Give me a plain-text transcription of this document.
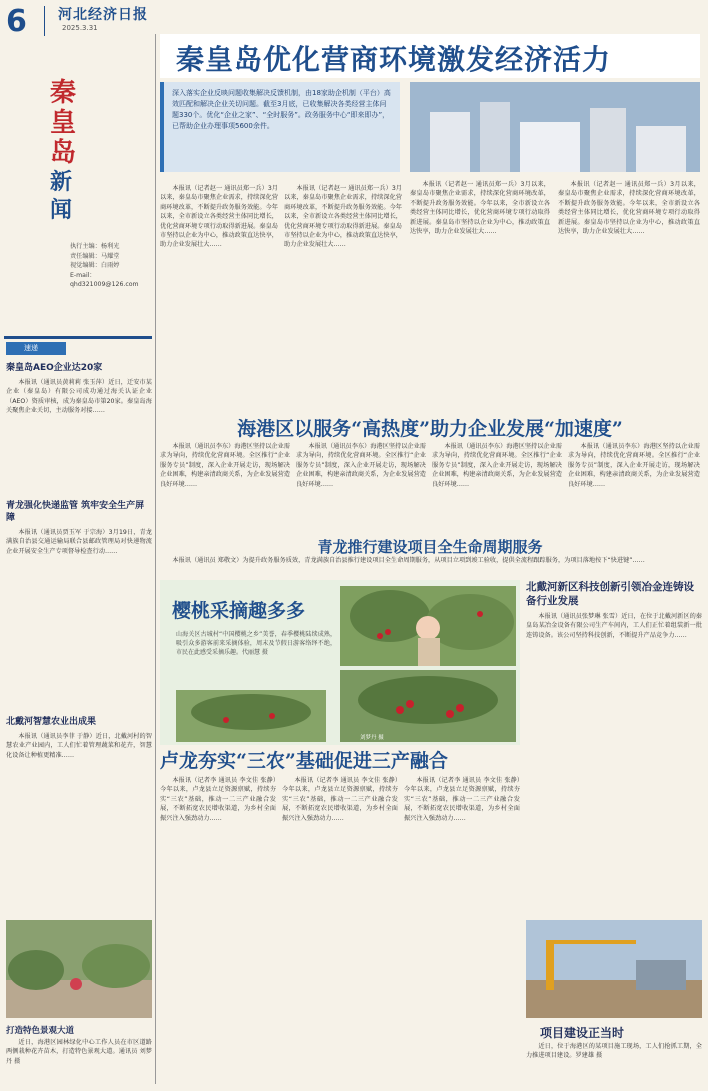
6	河北经济日报
2025.3.31
秦皇岛
新闻
执行主编：杨利光
责任编辑：马耀堂
视觉编辑：白雨婷
E-mail：qhd321009@126.com
速递
秦皇岛AEO企业达20家

本报讯（通讯员黄莉莉 张玉萍）近日，迁安市某企业（秦皇岛）有限公司成功通过海关认证企业（AEO）资质审核，成为秦皇岛市第20家。秦皇岛海关聚焦企业关切，主动服务对接……

青龙强化快递监管 筑牢安全生产屏障

本报讯（通讯员贾玉军 于宗海）3月19日，青龙满族自治县交通运输局联合县邮政管理局对快递物流企业开展安全生产专项督导检查行动……

北戴河智慧农业出成果

本报讯（通讯员李菲 于静）近日，北戴河村的智慧农业产业园内，工人们忙着管理蔬菜和花卉，智慧化设备让种植更精准……

打造特色景观大道

近日，海港区园林绿化中心工作人员在市区道路两侧栽种花卉苗木，打造特色景观大道。通讯员 刘梦丹 摄

秦皇岛优化营商环境激发经济活力
深入落实企业反映问题收集解决反馈机制，由18家助企机制（平台）高效匹配和解决企业关切问题。截至3月底，已收集解决各类经营主体问题330个。优化“企业之家”、“全时服务”。政务服务中心“即来即办”，已帮助企业办理事项5600余件。

本报讯（记者赵一 通讯员郑一兵）3月以来，秦皇岛市聚焦企业需求，持续深化营商环境改革，不断提升政务服务效能。今年以来，全市新设立各类经营主体同比增长，优化营商环境专项行动取得新进展。秦皇岛市坚持以企业为中心，推动政策直达快享，助力企业发展壮大……

本报讯（记者赵一 通讯员郑一兵）3月以来，秦皇岛市聚焦企业需求，持续深化营商环境改革，不断提升政务服务效能。今年以来，全市新设立各类经营主体同比增长，优化营商环境专项行动取得新进展。秦皇岛市坚持以企业为中心，推动政策直达快享，助力企业发展壮大……

本报讯（记者赵一 通讯员郑一兵）3月以来，秦皇岛市聚焦企业需求，持续深化营商环境改革，不断提升政务服务效能。今年以来，全市新设立各类经营主体同比增长，优化营商环境专项行动取得新进展。秦皇岛市坚持以企业为中心，推动政策直达快享，助力企业发展壮大……

本报讯（记者赵一 通讯员郑一兵）3月以来，秦皇岛市聚焦企业需求，持续深化营商环境改革，不断提升政务服务效能。今年以来，全市新设立各类经营主体同比增长，优化营商环境专项行动取得新进展。秦皇岛市坚持以企业为中心，推动政策直达快享，助力企业发展壮大……

海港区以服务“高热度”助力企业发展“加速度”

本报讯（通讯员李东）海港区坚持以企业需求为导向，持续优化营商环境。全区推行“企业服务专员”制度，深入企业开展走访，现场解决企业困难，构建亲清政商关系，为企业发展营造良好环境……

本报讯（通讯员李东）海港区坚持以企业需求为导向，持续优化营商环境。全区推行“企业服务专员”制度，深入企业开展走访，现场解决企业困难，构建亲清政商关系，为企业发展营造良好环境……

本报讯（通讯员李东）海港区坚持以企业需求为导向，持续优化营商环境。全区推行“企业服务专员”制度，深入企业开展走访，现场解决企业困难，构建亲清政商关系，为企业发展营造良好环境……

本报讯（通讯员李东）海港区坚持以企业需求为导向，持续优化营商环境。全区推行“企业服务专员”制度，深入企业开展走访，现场解决企业困难，构建亲清政商关系，为企业发展营造良好环境……

青龙推行建设项目全生命周期服务

本报讯（通讯员 郑敬文）为提升政务服务质效，青龙满族自治县推行建设项目全生命周期服务，从项目立项到竣工验收，提供全流程跟踪服务，为项目落地按下“快进键”……

樱桃采摘趣多多
山海关区古城村“中国樱桃之乡”美誉，春季樱桃陆续成熟，吸引众多游客前来采摘体验，周末及节假日游客络绎不绝，市民在此感受采摘乐趣。代丽慧 摄
刘梦丹 摄
北戴河新区科技创新引领冶金连铸设备行业发展

本报讯（通讯员张梦琳 张雪）近日，在位于北戴河新区的秦皇岛某冶金设备有限公司生产车间内，工人们正忙着组装新一批连铸设备。该公司坚持科技创新，不断提升产品竞争力……

卢龙夯实“三农”基础促进三产融合

本报讯（记者李 通讯员 李文佳 张静）今年以来，卢龙县立足资源禀赋，持续夯实“三农”基础，推动一二三产业融合发展，不断拓宽农民增收渠道，为乡村全面振兴注入强劲动力……

本报讯（记者李 通讯员 李文佳 张静）今年以来，卢龙县立足资源禀赋，持续夯实“三农”基础，推动一二三产业融合发展，不断拓宽农民增收渠道，为乡村全面振兴注入强劲动力……

本报讯（记者李 通讯员 李文佳 张静）今年以来，卢龙县立足资源禀赋，持续夯实“三农”基础，推动一二三产业融合发展，不断拓宽农民增收渠道，为乡村全面振兴注入强劲动力……

项目建设正当时

近日，位于海港区的某项目施工现场，工人们抢抓工期，全力推进项目建设。罗建雄 摄
